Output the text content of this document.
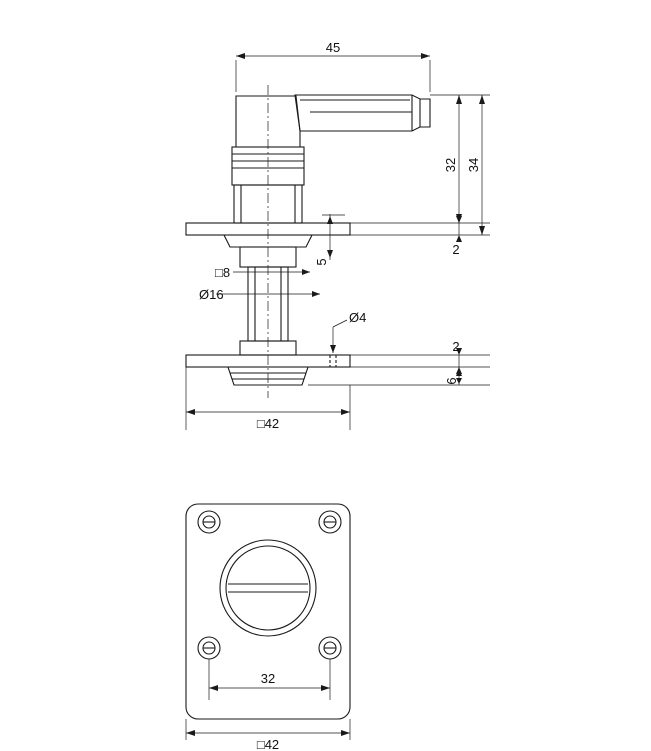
45
32 34
2
5
□8
Ø16
Ø4
2
6
□42
32
□42
